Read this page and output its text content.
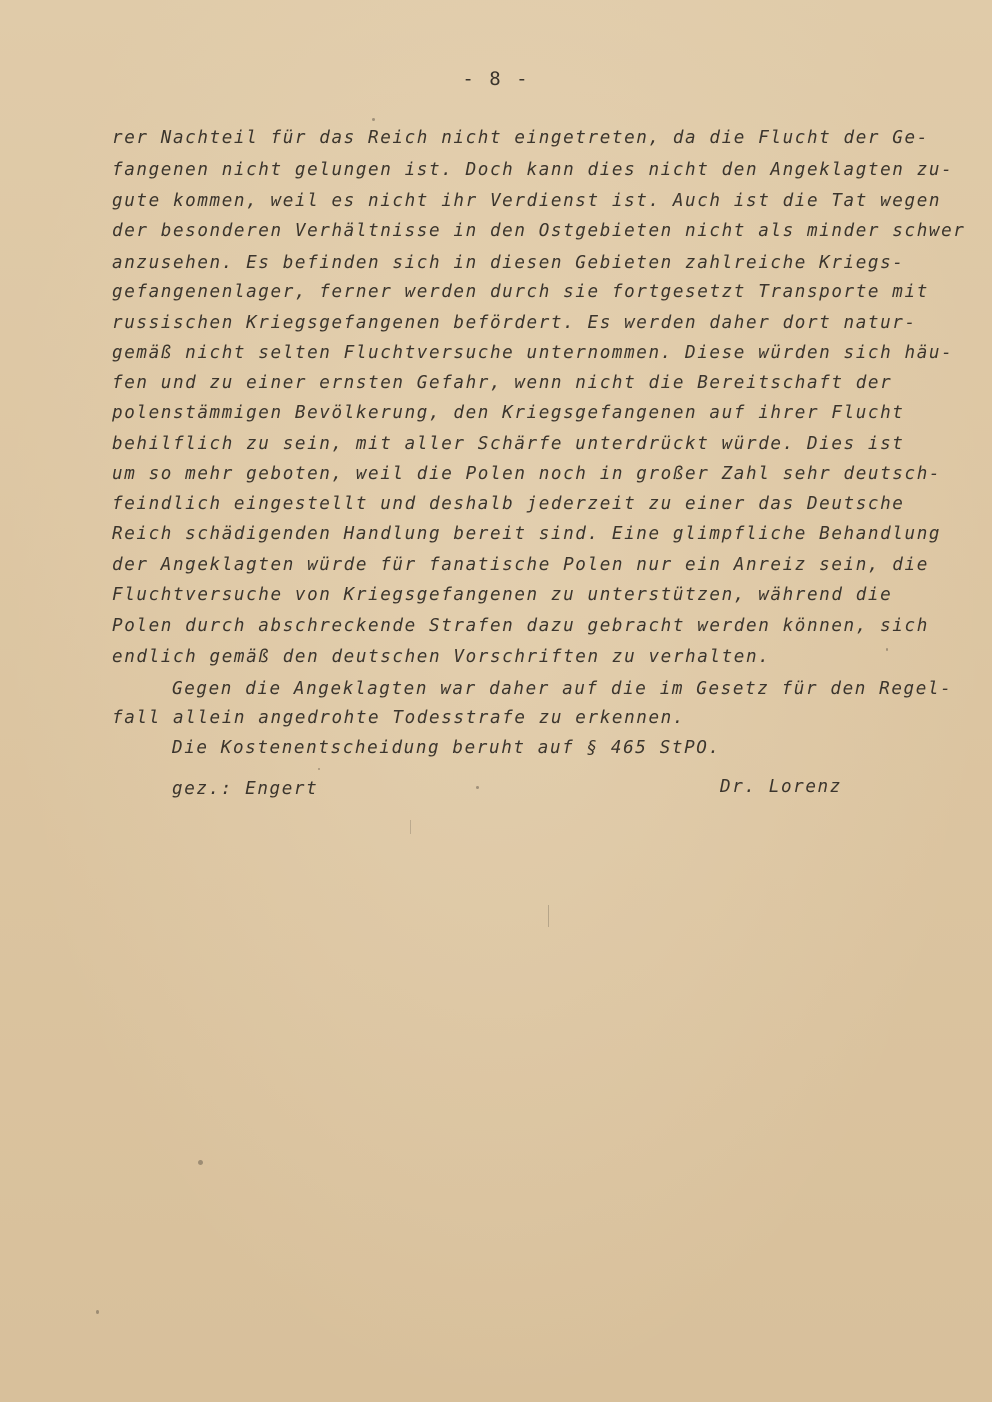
- 8 -
rer Nachteil für das Reich nicht eingetreten, da die Flucht der Ge-
fangenen nicht gelungen ist. Doch kann dies nicht den Angeklagten zu-
gute kommen, weil es nicht ihr Verdienst ist. Auch ist die Tat wegen
der besonderen Verhältnisse in den Ostgebieten nicht als minder schwer
anzusehen. Es befinden sich in diesen Gebieten zahlreiche Kriegs-
gefangenenlager, ferner werden durch sie fortgesetzt Transporte mit
russischen Kriegsgefangenen befördert. Es werden daher dort natur-
gemäß nicht selten Fluchtversuche unternommen. Diese würden sich häu-
fen und zu einer ernsten Gefahr, wenn nicht die Bereitschaft der
polenstämmigen Bevölkerung, den Kriegsgefangenen auf ihrer Flucht
behilflich zu sein, mit aller Schärfe unterdrückt würde. Dies ist
um so mehr geboten, weil die Polen noch in großer Zahl sehr deutsch-
feindlich eingestellt und deshalb jederzeit zu einer das Deutsche
Reich schädigenden Handlung bereit sind. Eine glimpfliche Behandlung
der Angeklagten würde für fanatische Polen nur ein Anreiz sein, die
Fluchtversuche von Kriegsgefangenen zu unterstützen, während die
Polen durch abschreckende Strafen dazu gebracht werden können, sich
endlich gemäß den deutschen Vorschriften zu verhalten.
Gegen die Angeklagten war daher auf die im Gesetz für den Regel-
fall allein angedrohte Todesstrafe zu erkennen.
Die Kostenentscheidung beruht auf § 465 StPO.
gez.: Engert	Dr. Lorenz
